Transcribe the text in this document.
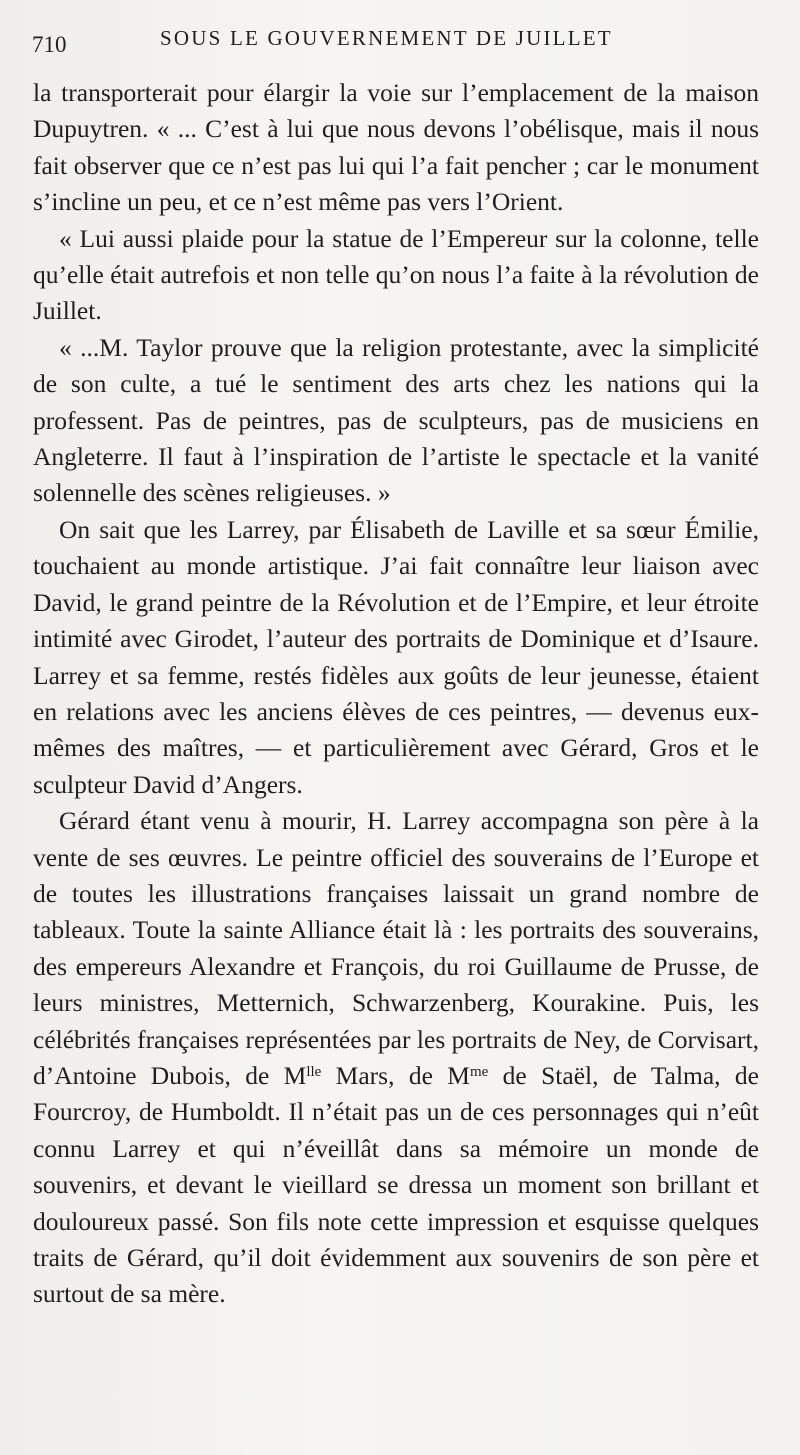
710	SOUS LE GOUVERNEMENT DE JUILLET

la transporterait pour élargir la voie sur l’emplacement de la maison Dupuytren. « ... C’est à lui que nous devons l’obélisque, mais il nous fait observer que ce n’est pas lui qui l’a fait pencher ; car le monument s’incline un peu, et ce n’est même pas vers l’Orient.

« Lui aussi plaide pour la statue de l’Empereur sur la colonne, telle qu’elle était autrefois et non telle qu’on nous l’a faite à la révolution de Juillet.

« ...M. Taylor prouve que la religion protestante, avec la simplicité de son culte, a tué le sentiment des arts chez les nations qui la professent. Pas de peintres, pas de sculpteurs, pas de musiciens en Angleterre. Il faut à l’inspiration de l’artiste le spectacle et la vanité solennelle des scènes religieuses. »

On sait que les Larrey, par Élisabeth de Laville et sa sœur Émilie, touchaient au monde artistique. J’ai fait connaître leur liaison avec David, le grand peintre de la Révolution et de l’Empire, et leur étroite intimité avec Girodet, l’auteur des portraits de Dominique et d’Isaure. Larrey et sa femme, restés fidèles aux goûts de leur jeunesse, étaient en relations avec les anciens élèves de ces peintres, — devenus eux-mêmes des maîtres, — et particulièrement avec Gérard, Gros et le sculpteur David d’Angers.

Gérard étant venu à mourir, H. Larrey accompagna son père à la vente de ses œuvres. Le peintre officiel des souverains de l’Europe et de toutes les illustrations françaises laissait un grand nombre de tableaux. Toute la sainte Alliance était là : les portraits des souverains, des empereurs Alexandre et François, du roi Guillaume de Prusse, de leurs ministres, Metternich, Schwarzenberg, Kourakine. Puis, les célébrités françaises représentées par les portraits de Ney, de Corvisart, d’Antoine Dubois, de $M^{lle}$ Mars, de $M^{me}$ de Staël, de Talma, de Fourcroy, de Humboldt. Il n’était pas un de ces personnages qui n’eût connu Larrey et qui n’éveillât dans sa mémoire un monde de souvenirs, et devant le vieillard se dressa un moment son brillant et douloureux passé. Son fils note cette impression et esquisse quelques traits de Gérard, qu’il doit évidemment aux souvenirs de son père et surtout de sa mère.
